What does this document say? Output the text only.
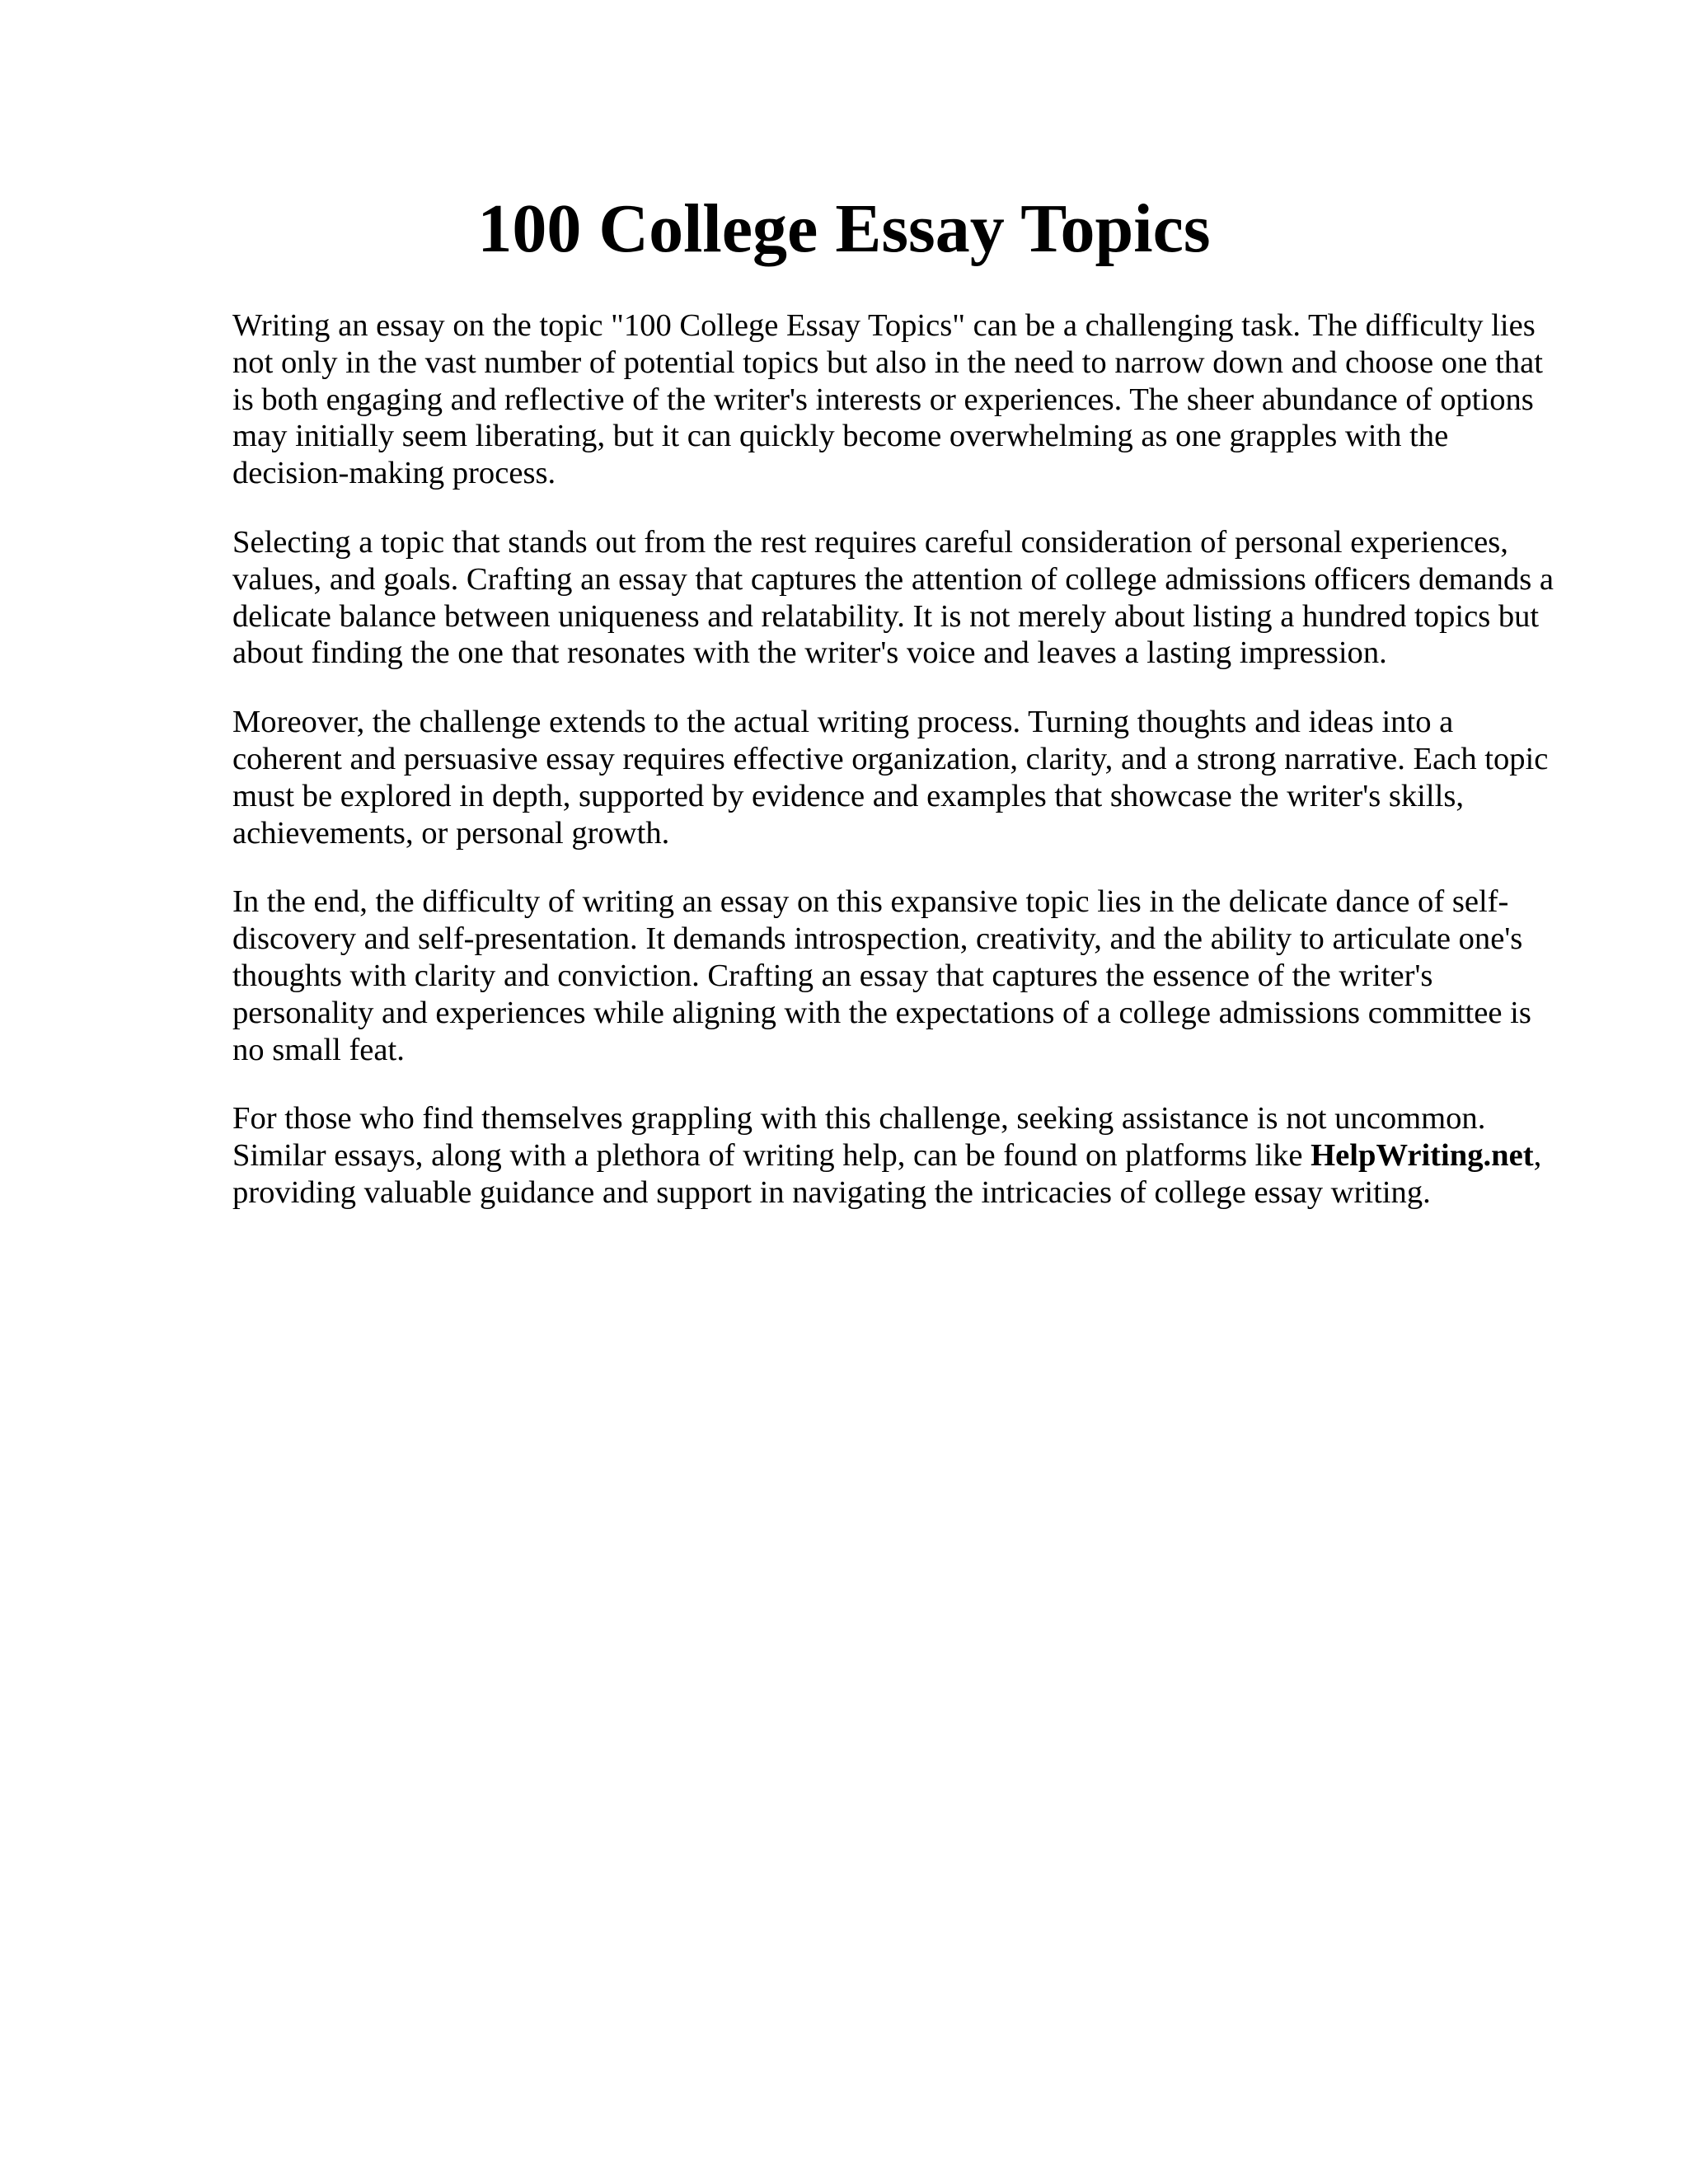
100 College Essay Topics

Writing an essay on the topic "100 College Essay Topics" can be a challenging task. The difficulty lies not only in the vast number of potential topics but also in the need to narrow down and choose one that is both engaging and reflective of the writer's interests or experiences. The sheer abundance of options may initially seem liberating, but it can quickly become overwhelming as one grapples with the decision-making process.

Selecting a topic that stands out from the rest requires careful consideration of personal experiences, values, and goals. Crafting an essay that captures the attention of college admissions officers demands a delicate balance between uniqueness and relatability. It is not merely about listing a hundred topics but about finding the one that resonates with the writer's voice and leaves a lasting impression.

Moreover, the challenge extends to the actual writing process. Turning thoughts and ideas into a coherent and persuasive essay requires effective organization, clarity, and a strong narrative. Each topic must be explored in depth, supported by evidence and examples that showcase the writer's skills, achievements, or personal growth.

In the end, the difficulty of writing an essay on this expansive topic lies in the delicate dance of self-discovery and self-presentation. It demands introspection, creativity, and the ability to articulate one's thoughts with clarity and conviction. Crafting an essay that captures the essence of the writer's personality and experiences while aligning with the expectations of a college admissions committee is no small feat.

For those who find themselves grappling with this challenge, seeking assistance is not uncommon. Similar essays, along with a plethora of writing help, can be found on platforms like HelpWriting.net, providing valuable guidance and support in navigating the intricacies of college essay writing.
